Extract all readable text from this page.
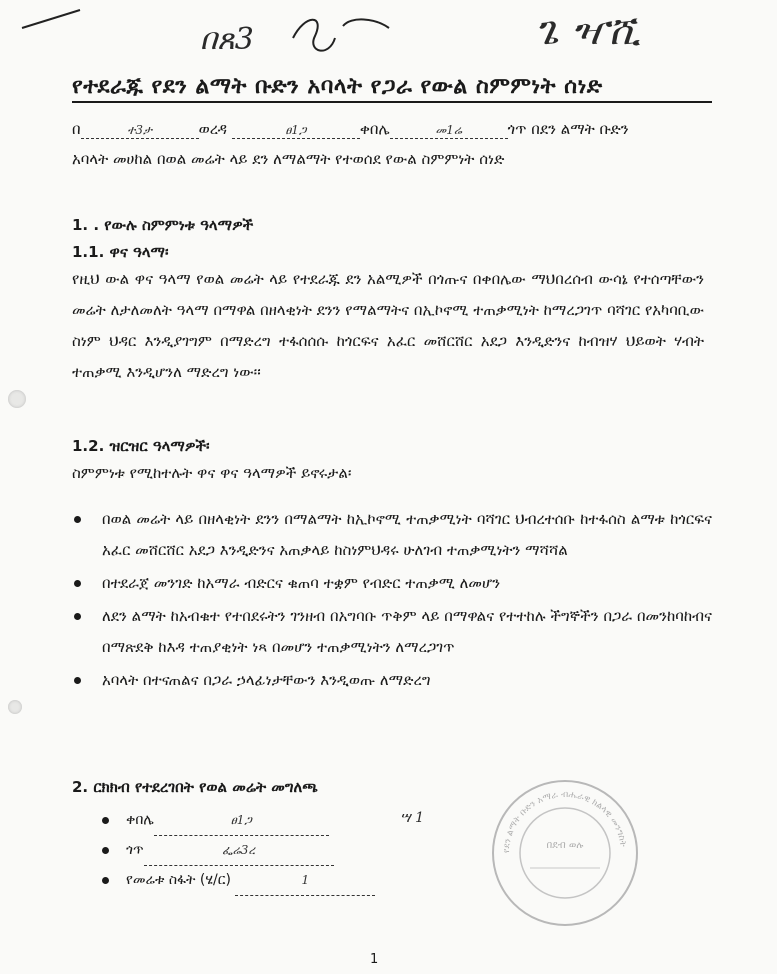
በጸ3	ጌ ዣሺ
የተደራጁ የደን ልማት ቡድን አባላት የጋራ የውል ስምምነት ሰነድ
በ	ተ3ታ	ወረዳ	ፀ1ጋ	ቀበሌ	መ1ሬ	ጎጥ በደን ልማት ቡድን
አባላት መሀከል በወል መሬት ላይ ደን ለማልማት የተወሰደ የውል ስምምነት ሰነድ
1. . የውሉ ስምምነቱ ዓላማዎች
1.1. ዋና ዓላማ፡
የዚህ ውል ዋና ዓላማ የወል መሬት ላይ የተደራጁ ደን አልሚዎች በጎጡና በቀበሌው ማህበረሰብ ውሳኔ የተሰጣቸውን መሬት ለታለመለት ዓላማ በማዋል በዘላቂነት ደንን የማልማትና በኢኮኖሚ ተጠቃሚነት ከማረጋገጥ ባሻገር የአካባቢው ስነም ህዳር እንዲያገግም በማድረግ ተፋሰሰሱ ከጎርፍና አፈር መሸርሸር አደጋ እንዲድንና ከብዝሃ ህይወት ሃብት ተጠቃሚ እንዲሆንለ ማድረግ ነው፡፡
1.2. ዝርዝር ዓላማዎች፡
ስምምነቱ የሚከተሉት ዋና ዋና ዓላማዎች ይኖሩታል፡
በወል መሬት ላይ በዘላቂነት ደንን በማልማት ከኢኮኖሚ ተጠቃሚነት ባሻገር ህብረተሰቡ ከተፋሰስ ልማቱ ከጎርፍና አፈር መሸርሸር አደጋ እንዲድንና አጠቃላይ ከስነምህዳሩ ሁለገብ ተጠቃሚነትን ማሻሻል
በተደራጀ መንገድ ከአማራ ብድርና ቁጠባ ተቋም የብድር ተጠቃሚ ለመሆን
ለደን ልማት ከአብቁተ የተበደሩትን ገንዘብ በአግባቡ ጥቅም ላይ በማዋልና የተተከሉ ችግኞችን በጋራ በመንከባከብና በማጽደቅ ከእዳ ተጠያቂነት ነጻ በመሆን ተጠቃሚነትን ለማረጋገጥ
አባላት በተናጠልና በጋራ ኃላፊነታቸውን እንዲወጡ ለማድረግ
2. ርክክብ የተደረገበት የወል መሬት መግለጫ
ቀበሌ	ፀ1ጋ
ጎጥ	ፌሬ3ረ
የመሬቱ ስፋት (ሄ/ር)	1
ሣ 1
የደን ልማት ቡድን አማራ ብሔራዊ ክልላዊ መንግስት
በደብ ወሉ
1
